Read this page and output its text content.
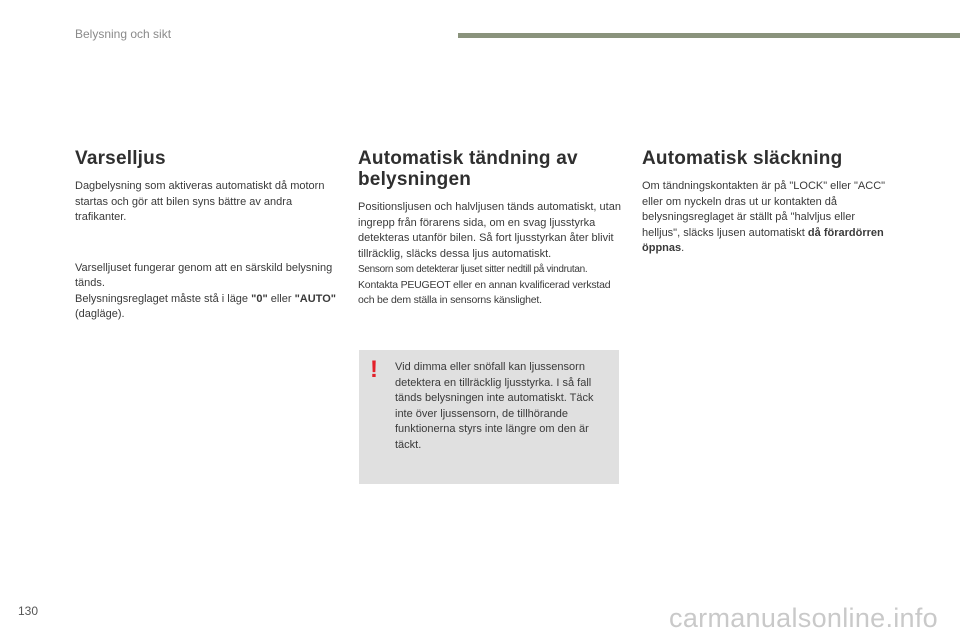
Belysning och sikt
Varselljus

Dagbelysning som aktiveras automatiskt då motorn startas och gör att bilen syns bättre av andra trafikanter.

Varselljuset fungerar genom att en särskild belysning tänds.

Belysningsreglaget måste stå i läge "0" eller "AUTO" (dagläge).

Automatisk tändning av belysningen

Positionsljusen och halvljusen tänds automatiskt, utan ingrepp från förarens sida, om en svag ljusstyrka detekteras utanför bilen. Så fort ljusstyrkan åter blivit tillräcklig, släcks dessa ljus automatiskt.

Sensorn som detekterar ljuset sitter nedtill på vindrutan.

Kontakta PEUGEOT eller en annan kvalificerad verkstad och be dem ställa in sensorns känslighet.

! Vid dimma eller snöfall kan ljussensorn detektera en tillräcklig ljusstyrka. I så fall tänds belysningen inte automatiskt. Täck inte över ljussensorn, de tillhörande funktionerna styrs inte längre om den är täckt.

Automatisk släckning

Om tändningskontakten är på "LOCK" eller "ACC" eller om nyckeln dras ut ur kontakten då belysningsreglaget är ställt på "halvljus eller helljus", släcks ljusen automatiskt då förardörren öppnas.

130	carmanualsonline.info
